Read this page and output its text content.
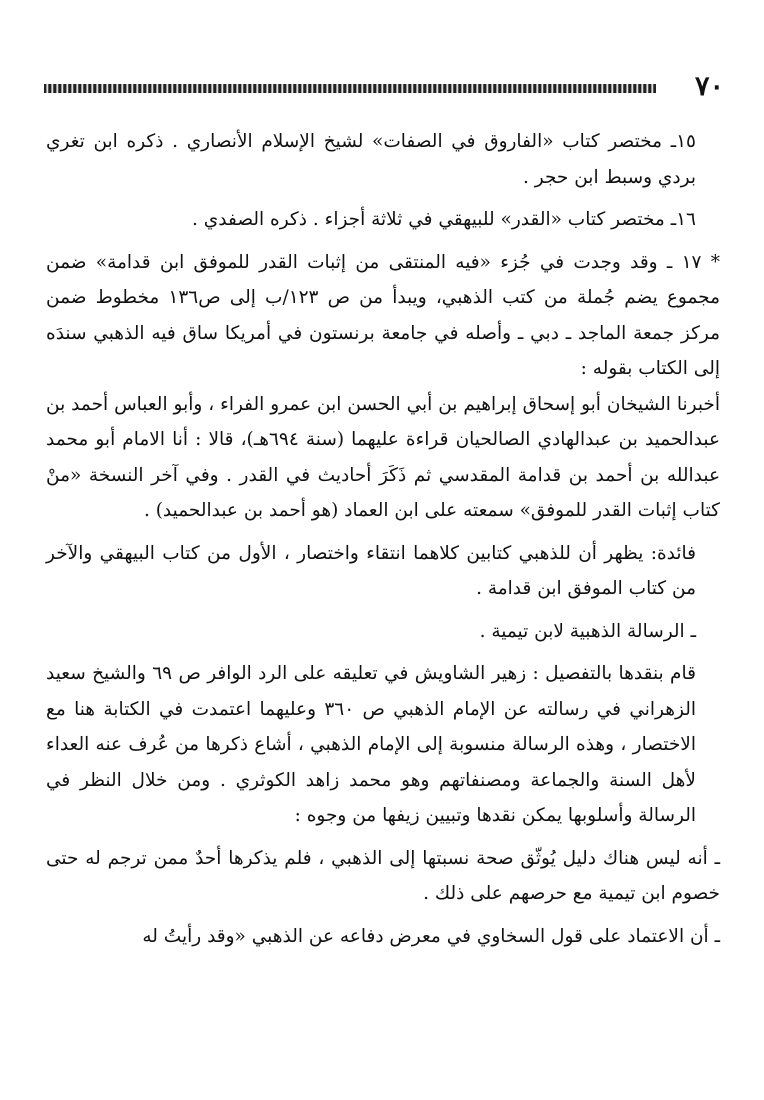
٧٠

١٥ـ مختصر كتاب «الفاروق في الصفات» لشيخ الإسلام الأنصاري . ذكره ابن تغري بردي وسبط ابن حجر .

١٦ـ مختصر كتاب «القدر» للبيهقي في ثلاثة أجزاء . ذكره الصفدي .

* ١٧ ـ وقد وجدت في جُزء «فيه المنتقى من إثبات القدر للموفق ابن قدامة» ضمن مجموع يضم جُملة من كتب الذهبي، ويبدأ من ص ١٢٣/ب إلى ص١٣٦ مخطوط ضمن مركز جمعة الماجد ـ دبي ـ وأصله في جامعة برنستون في أمريكا ساق فيه الذهبي سندَه إلى الكتاب بقوله :

أخبرنا الشيخان أبو إسحاق إبراهيم بن أبي الحسن ابن عمرو الفراء ، وأبو العباس أحمد بن عبدالحميد بن عبدالهادي الصالحيان قراءة عليهما (سنة ٦٩٤هـ)، قالا : أنا الامام أبو محمد عبدالله بن أحمد بن قدامة المقدسي ثم ذَكَرَ أحاديث في القدر . وفي آخر النسخة «منْ كتاب إثبات القدر للموفق» سمعته على ابن العماد (هو أحمد بن عبدالحميد) .

فائدة: يظهر أن للذهبي كتابين كلاهما انتقاء واختصار ، الأول من كتاب البيهقي والآخر من كتاب الموفق ابن قدامة .

ـ الرسالة الذهبية لابن تيمية .

قام بنقدها بالتفصيل : زهير الشاويش في تعليقه على الرد الوافر ص ٦٩ والشيخ سعيد الزهراني في رسالته عن الإمام الذهبي ص ٣٦٠ وعليهما اعتمدت في الكتابة هنا مع الاختصار ، وهذه الرسالة منسوبة إلى الإمام الذهبي ، أشاع ذكرها من عُرف عنه العداء لأهل السنة والجماعة ومصنفاتهم وهو محمد زاهد الكوثري . ومن خلال النظر في الرسالة وأسلوبها يمكن نقدها وتبيين زيفها من وجوه :

ـ أنه ليس هناك دليل يُوثّق صحة نسبتها إلى الذهبي ، فلم يذكرها أحدٌ ممن ترجم له حتى خصوم ابن تيمية مع حرصهم على ذلك .

ـ أن الاعتماد على قول السخاوي في معرض دفاعه عن الذهبي «وقد رأيتُ له
